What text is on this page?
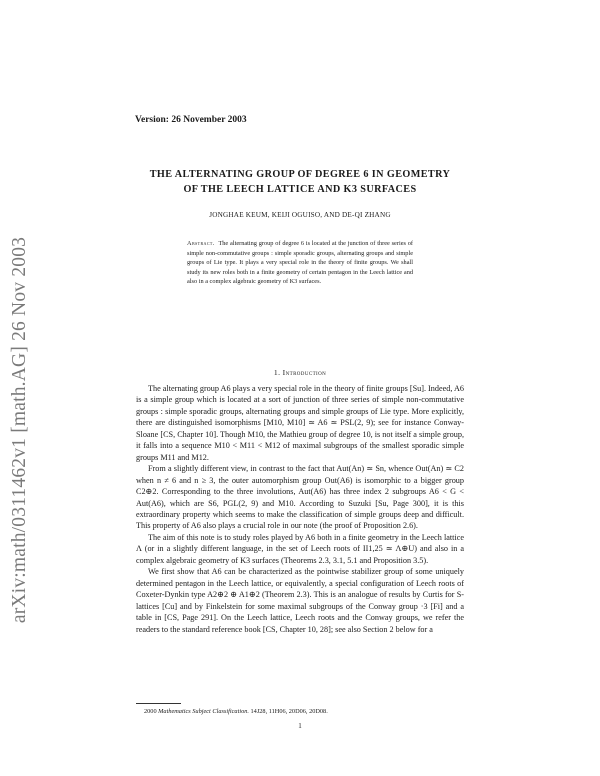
arXiv:math/0311462v1 [math.AG] 26 Nov 2003
Version: 26 November 2003
THE ALTERNATING GROUP OF DEGREE 6 IN GEOMETRY
OF THE LEECH LATTICE AND K3 SURFACES
JONGHAE KEUM, KEIJI OGUISO, AND DE-QI ZHANG
Abstract. The alternating group of degree 6 is located at the junction of three series of simple non-commutative groups : simple sporadic groups, alternating groups and simple groups of Lie type. It plays a very special role in the theory of finite groups. We shall study its new roles both in a finite geometry of certain pentagon in the Leech lattice and also in a complex algebraic geometry of K3 surfaces.
1. Introduction

The alternating group A6 plays a very special role in the theory of finite groups [Su]. Indeed, A6 is a simple group which is located at a sort of junction of three series of simple non-commutative groups : simple sporadic groups, alternating groups and simple groups of Lie type. More explicitly, there are distinguished isomorphisms [M10, M10] ≃ A6 ≃ PSL(2, 9); see for instance Conway-Sloane [CS, Chapter 10]. Though M10, the Mathieu group of degree 10, is not itself a simple group, it falls into a sequence M10 < M11 < M12 of maximal subgroups of the smallest sporadic simple groups M11 and M12.

From a slightly different view, in contrast to the fact that Aut(An) ≃ Sn, whence Out(An) ≃ C2 when n ≠ 6 and n ≥ 3, the outer automorphism group Out(A6) is isomorphic to a bigger group C2⊕2. Corresponding to the three involutions, Aut(A6) has three index 2 subgroups A6 < G < Aut(A6), which are S6, PGL(2, 9) and M10. According to Suzuki [Su, Page 300], it is this extraordinary property which seems to make the classification of simple groups deep and difficult. This property of A6 also plays a crucial role in our note (the proof of Proposition 2.6).

The aim of this note is to study roles played by A6 both in a finite geometry in the Leech lattice Λ (or in a slightly different language, in the set of Leech roots of II1,25 ≃ Λ⊕U) and also in a complex algebraic geometry of K3 surfaces (Theorems 2.3, 3.1, 5.1 and Proposition 3.5).

We first show that A6 can be characterized as the pointwise stabilizer group of some uniquely determined pentagon in the Leech lattice, or equivalently, a special configuration of Leech roots of Coxeter-Dynkin type A2⊕2 ⊕ A1⊕2 (Theorem 2.3). This is an analogue of results by Curtis for S-lattices [Cu] and by Finkelstein for some maximal subgroups of the Conway group ·3 [Fi] and a table in [CS, Page 291]. On the Leech lattice, Leech roots and the Conway groups, we refer the readers to the standard reference book [CS, Chapter 10, 28]; see also Section 2 below for a

2000 Mathematics Subject Classification. 14J28, 11H06, 20D06, 20D08.
1
